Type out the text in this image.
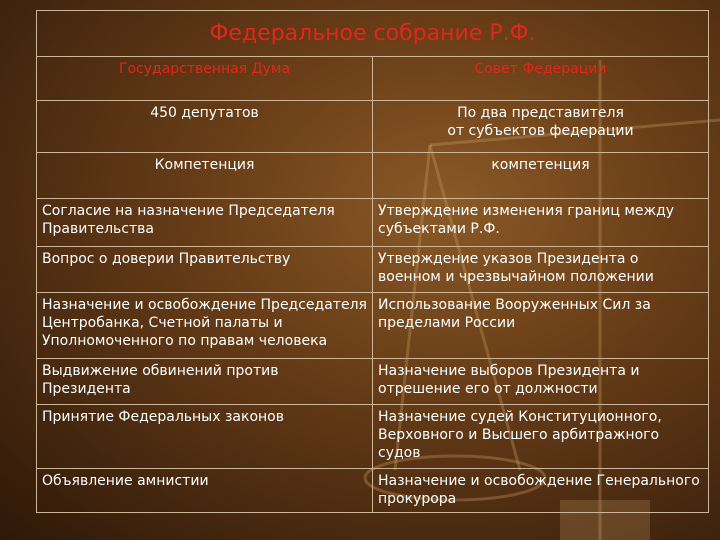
Федеральное собрание Р.Ф.	
Государственная Дума	Совет Федерации
450 депутатов	По два представителя
от субъектов федерации

Компетенция	компетенция
Согласие на назначение Председателя Правительства	Утверждение изменения границ между субъектами Р.Ф.
Вопрос о доверии Правительству	Утверждение указов Президента о военном и чрезвычайном положении
Назначение и освобождение Председателя Центробанка, Счетной палаты и Уполномоченного по правам человека	Использование Вооруженных Сил за пределами России
Выдвижение обвинений против Президента	Назначение выборов Президента и отрешение его от должности
Принятие Федеральных законов	Назначение судей Конституционного, Верховного и Высшего арбитражного судов
Объявление амнистии	Назначение и освобождение Генерального прокурора
